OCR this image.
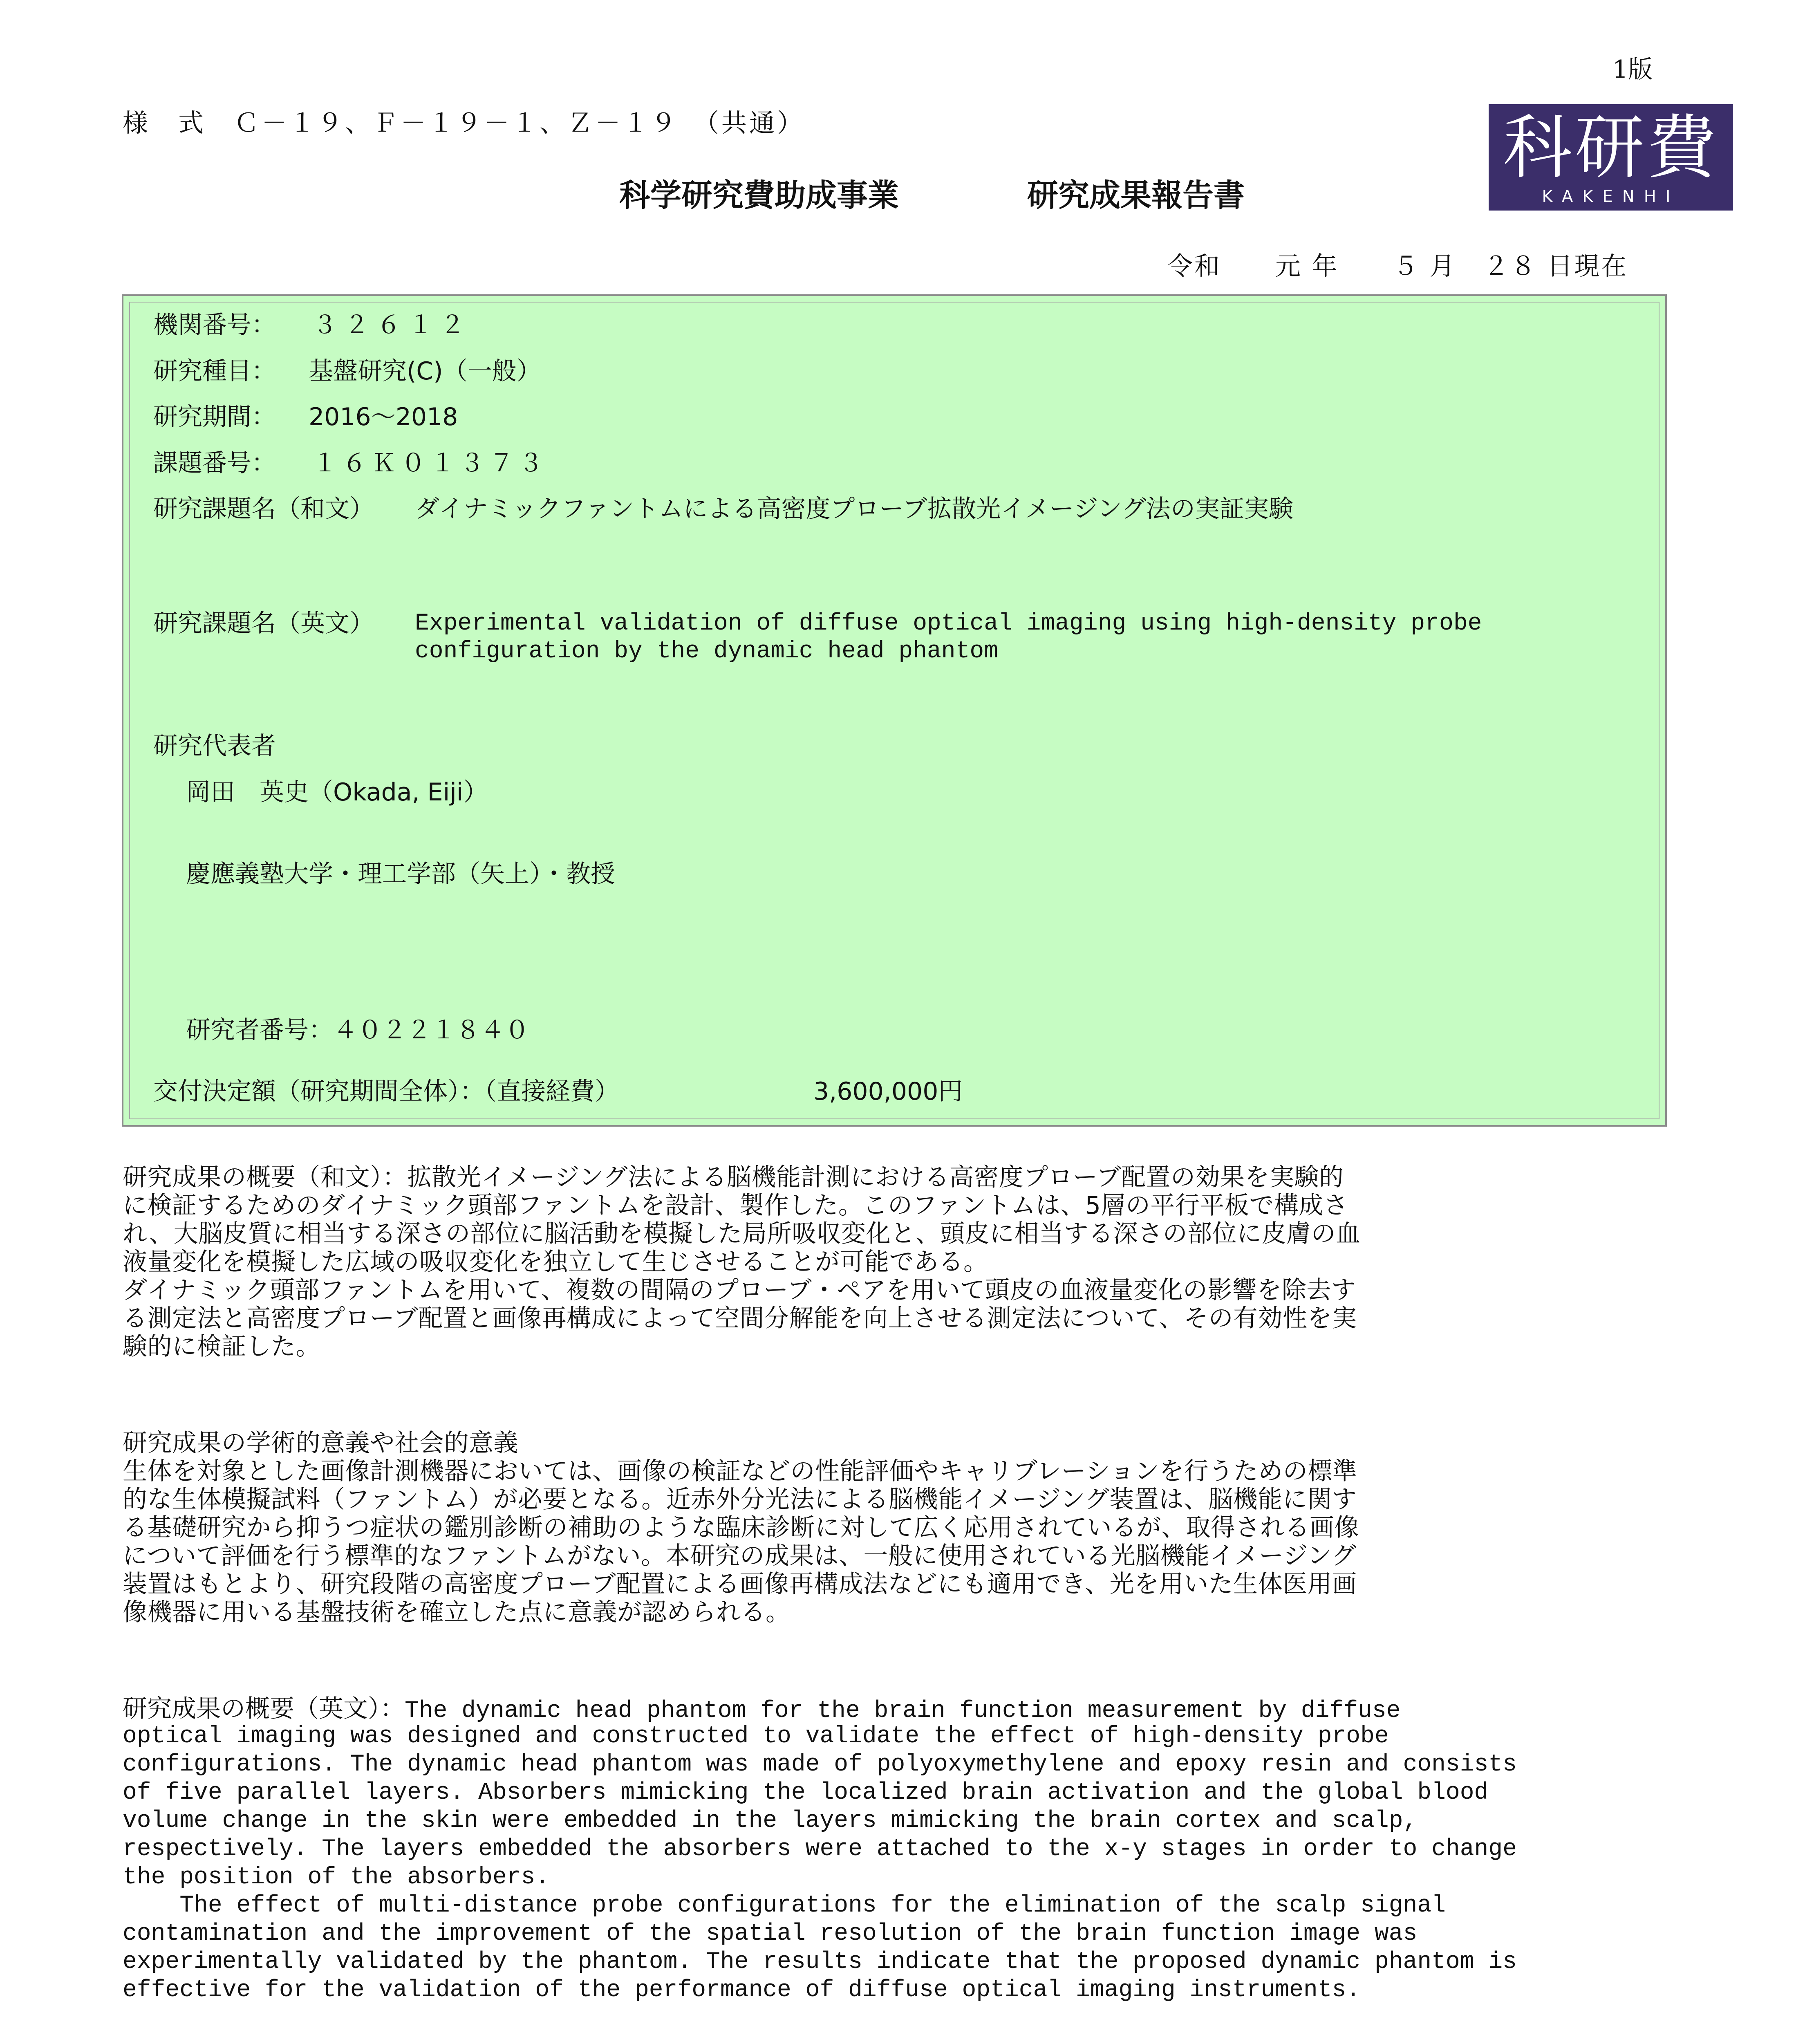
1版
様　式　Ｃ－１９、Ｆ－１９－１、Ｚ－１９　（共通）	科研費
KAKENHI
科学研究費助成事業	研究成果報告書
令和　　元 年　　５ 月　２８ 日現在
機関番号： ３２６１２
研究種目： 基盤研究(C)（一般）
研究期間： 2016～2018
課題番号： １６Ｋ０１３７３
研究課題名（和文） ダイナミックファントムによる高密度プローブ拡散光イメージング法の実証実験
研究課題名（英文） Experimental validation of diffuse optical imaging using high-density probe
configuration by the dynamic head phantom
研究代表者
岡田　英史（Okada, Eiji）
慶應義塾大学・理工学部（矢上）・教授
研究者番号：４０２２１８４０
交付決定額（研究期間全体）：（直接経費）	3,600,000円
研究成果の概要（和文）：拡散光イメージング法による脳機能計測における高密度プローブ配置の効果を実験的
に検証するためのダイナミック頭部ファントムを設計、製作した。このファントムは、5層の平行平板で構成さ
れ、大脳皮質に相当する深さの部位に脳活動を模擬した局所吸収変化と、頭皮に相当する深さの部位に皮膚の血
液量変化を模擬した広域の吸収変化を独立して生じさせることが可能である。
ダイナミック頭部ファントムを用いて、複数の間隔のプローブ・ペアを用いて頭皮の血液量変化の影響を除去す
る測定法と高密度プローブ配置と画像再構成によって空間分解能を向上させる測定法について、その有効性を実
験的に検証した。
研究成果の学術的意義や社会的意義
生体を対象とした画像計測機器においては、画像の検証などの性能評価やキャリブレーションを行うための標準
的な生体模擬試料（ファントム）が必要となる。近赤外分光法による脳機能イメージング装置は、脳機能に関す
る基礎研究から抑うつ症状の鑑別診断の補助のような臨床診断に対して広く応用されているが、取得される画像
について評価を行う標準的なファントムがない。本研究の成果は、一般に使用されている光脳機能イメージング
装置はもとより、研究段階の高密度プローブ配置による画像再構成法などにも適用でき、光を用いた生体医用画
像機器に用いる基盤技術を確立した点に意義が認められる。
研究成果の概要（英文）：The dynamic head phantom for the brain function measurement by diffuse
optical imaging was designed and constructed to validate the effect of high-density probe
configurations. The dynamic head phantom was made of polyoxymethylene and epoxy resin and consists
of five parallel layers. Absorbers mimicking the localized brain activation and the global blood
volume change in the skin were embedded in the layers mimicking the brain cortex and scalp,
respectively. The layers embedded the absorbers were attached to the x-y stages in order to change
the position of the absorbers.
The effect of multi-distance probe configurations for the elimination of the scalp signal
contamination and the improvement of the spatial resolution of the brain function image was
experimentally validated by the phantom. The results indicate that the proposed dynamic phantom is
effective for the validation of the performance of diffuse optical imaging instruments.
